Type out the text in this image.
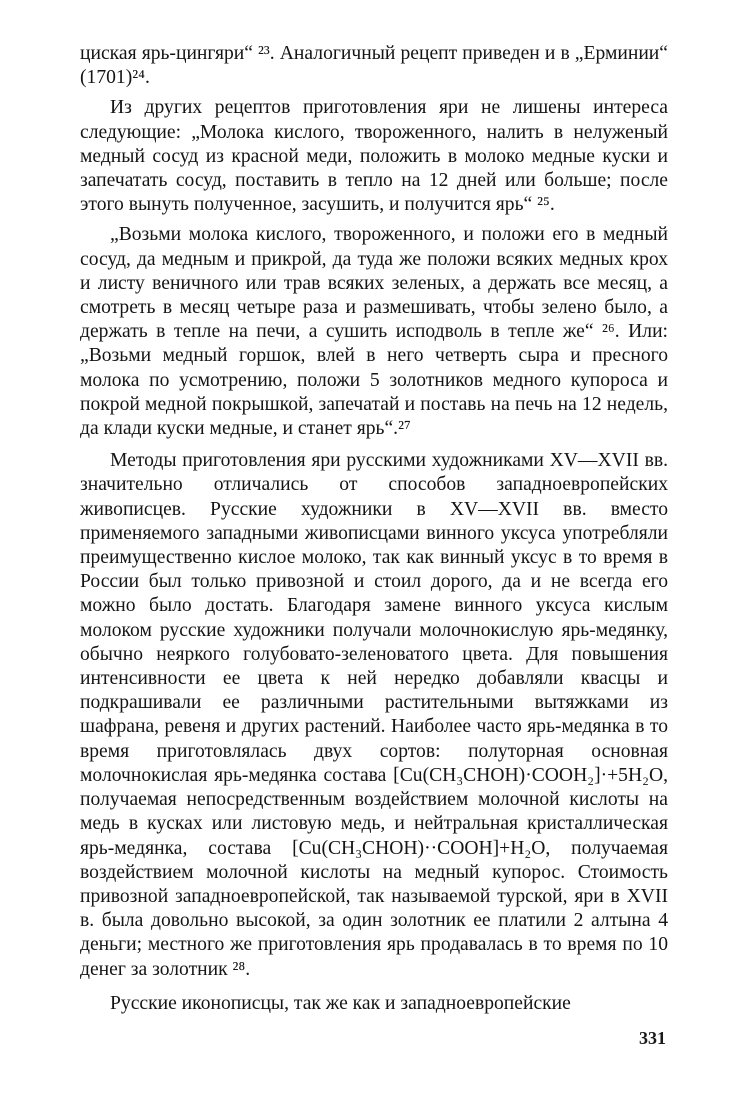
циская ярь-цингяри“ ²³. Аналогичный рецепт приведен и в „Ерминии“ (1701)²⁴.

Из других рецептов приготовления яри не лишены интереса следующие: „Молока кислого, твороженного, налить в нелуженый медный сосуд из красной меди, положить в молоко медные куски и запечатать сосуд, поставить в тепло на 12 дней или больше; после этого вынуть полученное, засушить, и получится ярь“ ²⁵.

„Возьми молока кислого, твороженного, и положи его в медный сосуд, да медным и прикрой, да туда же положи всяких медных крох и листу веничного или трав всяких зеленых, а держать все месяц, а смотреть в месяц четыре раза и размешивать, чтобы зелено было, а держать в тепле на печи, а сушить исподволь в тепле же“ ²⁶. Или: „Возьми медный горшок, влей в него четверть сыра и пресного молока по усмотрению, положи 5 золотников медного купороса и покрой медной покрышкой, запечатай и поставь на печь на 12 недель, да клади куски медные, и станет ярь“.²⁷

Методы приготовления яри русскими художниками XV—XVII вв. значительно отличались от способов западноевропейских живописцев. Русские художники в XV—XVII вв. вместо применяемого западными живописцами винного уксуса употребляли преимущественно кислое молоко, так как винный уксус в то время в России был только привозной и стоил дорого, да и не всегда его можно было достать. Благодаря замене винного уксуса кислым молоком русские художники получали молочнокислую ярь-медянку, обычно неяркого голубовато-зеленоватого цвета. Для повышения интенсивности ее цвета к ней нередко добавляли квасцы и подкрашивали ее различными растительными вытяжками из шафрана, ревеня и других растений. Наиболее часто ярь-медянка в то время приготовлялась двух сортов: полуторная основная молочнокислая ярь-медянка состава [Cu(CH₃CHOH)·COOH₂]·+5H₂O, получаемая непосредственным воздействием молочной кислоты на медь в кусках или листовую медь, и нейтральная кристаллическая ярь-медянка, состава [Cu(CH₃CHOH)··COOH]+H₂O, получаемая воздействием молочной кислоты на медный купорос. Стоимость привозной западноевропейской, так называемой турской, яри в XVII в. была довольно высокой, за один золотник ее платили 2 алтына 4 деньги; местного же приготовления ярь продавалась в то время по 10 денег за золотник ²⁸.

Русские иконописцы, так же как и западноевропейские

331
